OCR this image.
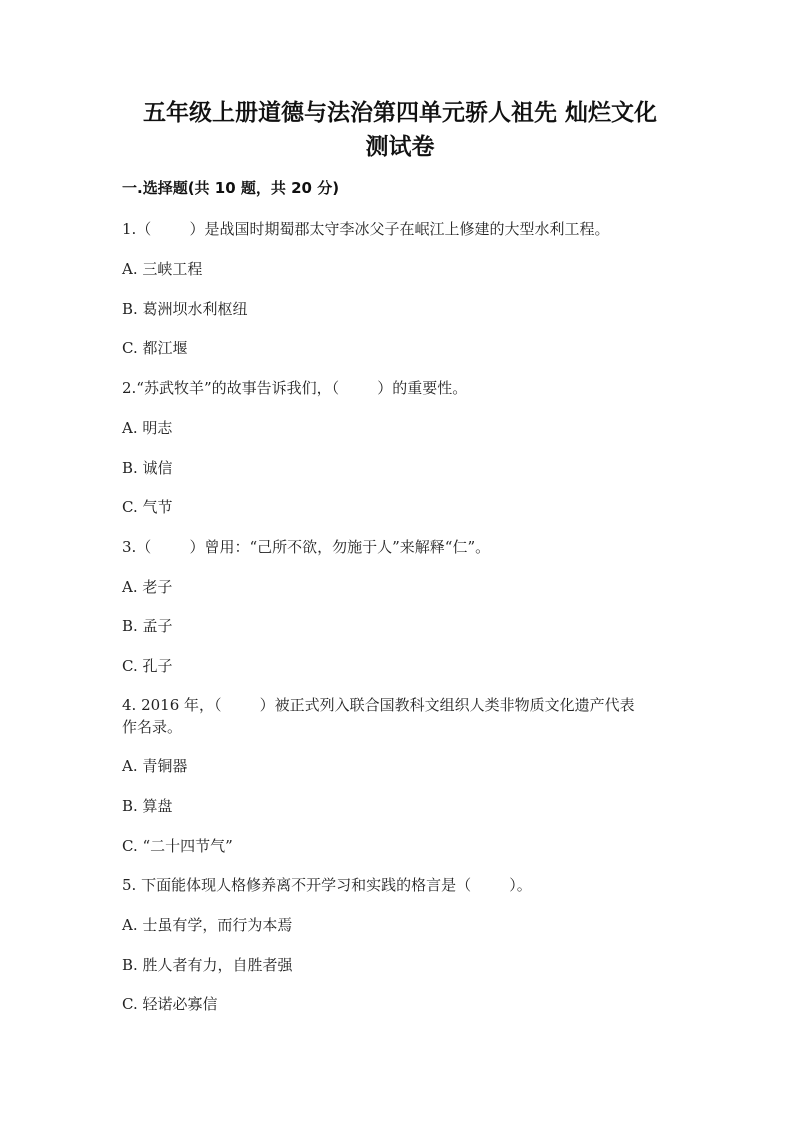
五年级上册道德与法治第四单元骄人祖先 灿烂文化
测试卷
一.选择题(共 10 题，共 20 分)
1.（        ）是战国时期蜀郡太守李冰父子在岷江上修建的大型水利工程。
A. 三峡工程
B. 葛洲坝水利枢纽
C. 都江堰
2.“苏武牧羊”的故事告诉我们，（        ）的重要性。
A. 明志
B. 诚信
C. 气节
3.（        ）曾用：“己所不欲，勿施于人”来解释“仁”。
A. 老子
B. 孟子
C. 孔子
4. 2016 年，（        ）被正式列入联合国教科文组织人类非物质文化遗产代表
作名录。
A. 青铜器
B. 算盘
C. “二十四节气”
5. 下面能体现人格修养离不开学习和实践的格言是（        ）。
A. 士虽有学，而行为本焉
B. 胜人者有力，自胜者强
C. 轻诺必寡信
